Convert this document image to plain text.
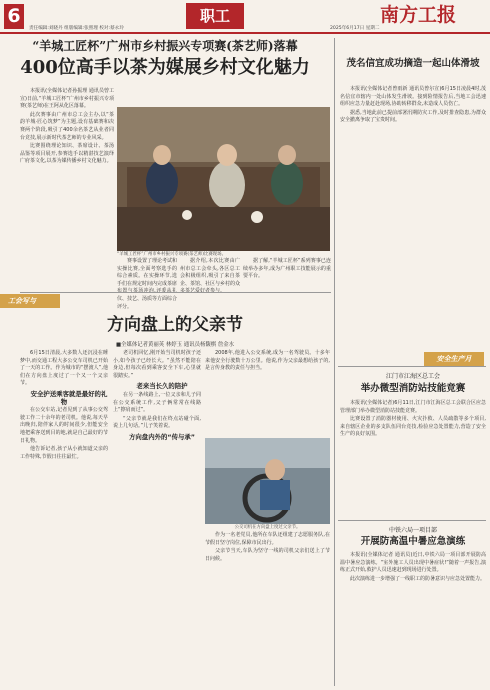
6	职工
责任编辑:刘晓丹 组版编辑:张照理 校对:蔡永玲	2025年6月17日 星期二
南方工报
“羊城工匠杯”广州市乡村振兴专项赛(茶艺师)落幕
400位高手以茶为媒展乡村文化魅力

本报讯(全媒体记者孙振理 通讯员曾工宣)日前,“羊城工匠杯”广州市乡村振兴专项赛(茶艺师)在王阿从化区落幕。

此次赛事由广州市总工会主办,以“茶韵羊城·匠心筑梦”为主题,设有基础赛和决赛两个阶段,吸引了400余名茶艺从业者同台竞技,展示新时代茶艺师的专业风采。

比赛围绕理论知识、茶席设计、茶汤品鉴等项目展开,参赛选手以精湛技艺演绎广府茶文化,以茶为媒传播乡村文化魅力。

“羊城工匠杯”广州市乡村振兴专项赛(茶艺师)比赛现场。

赛事设置了理论考试和实操比赛,全面考察选手的综合素质。在实操环节,选手们在规定时间内完成茶席 仪、技艺、汤质等方面综合评分。

据介绍,本次比赛由广州市总工会牵头,各区总工会积极组织,吸引了来自茶企、茶馆、社区与乡村的众

据了解,“羊城工匠杯”系列赛事已连续举办多年,成为广州职工技能展示的重要平台。

工会写与
方向盘上的父亲节
■全媒体记者黄丽英 林婷玉 通讯员杨馥棋 詹金水

6月15日清晨,大多数人还沉浸在睡梦中,而交通工程大多公交车司机已开始了一天的工作。作为城市的“摆渡人”,他们在方向盘上度过了一个又一个父亲节。

安全护送乘客就是最好的礼物

在公交车站,记者见到了从事公交驾驶工作二十余年的老司机。他说,每天早出晚归,陪伴家人的时间很少,但能安全地把乘客送到目的地,就是自己最好的节日礼物。

他告诉记者,孩子从小就知道父亲的工作特殊,节假日往往最忙。

老司机回忆,刚开始当司机时孩子还小,如今孩子已经长大。“虽然不能陪在身边,但每次看到乘客安全下车,心里就很踏实。”

老来当长久的陪护

在另一条线路上,一位父亲和儿子同在公交系统工作,父子俩常常在线路上“擦肩而过”。

“父亲节就是我们在终点站碰个面,说上几句话。”儿子笑着说。

方向盘内外的“传与承”

2008年,他进入公交系统,成为一名驾驶员。十多年来他安全行驶数十万公里。他说,作为父亲最想给孩子的,是言传身教的责任与担当。

公交司机在方向盘上度过父亲节。

作为一名老党员,他所在车队还组建了志愿服务队,在节假日坚守岗位,保障市民出行。

父亲节当天,车队为坚守一线的司机父亲们送上了节日问候。

茂名信宜成功摘造一起山体滑坡

本报讯(全媒体记者曾雨新 通讯员曾尔宣)6月15日凌晨4时,茂名信宜市辖内一处山体发生滑坡。接到险情报告后,当地工会迅速组织应急力量赶赴现场,协助转移群众,未造成人员伤亡。

据悉,当地此前已提前部署汛期防灾工作,及时排查隐患,为群众安全撤离争取了宝贵时间。

安全生产月
江门市江海区总工会
举办微型消防站技能竞赛

本报讯(全媒体记者)6月11日,江门市江海区总工会联合区应急管理部门举办微型消防站技能竞赛。

比赛设置了消防器材使用、火灾扑救、人员疏散等多个项目,来自辖区企业的多支队伍同台竞技,检验应急处置能力,营造了安全生产的良好氛围。

中铁六局一项目部
开展防高温中暑应急演练

本报讯(全媒体记者 通讯员)近日,中铁六局一项目部开展防高温中暑应急演练。“室外施工人员出现中暑症状!”随着一声报告,演练正式开始,救护人员迅速赶到现场进行处置。

此次演练进一步增强了一线职工的防暑意识与应急处置能力。
